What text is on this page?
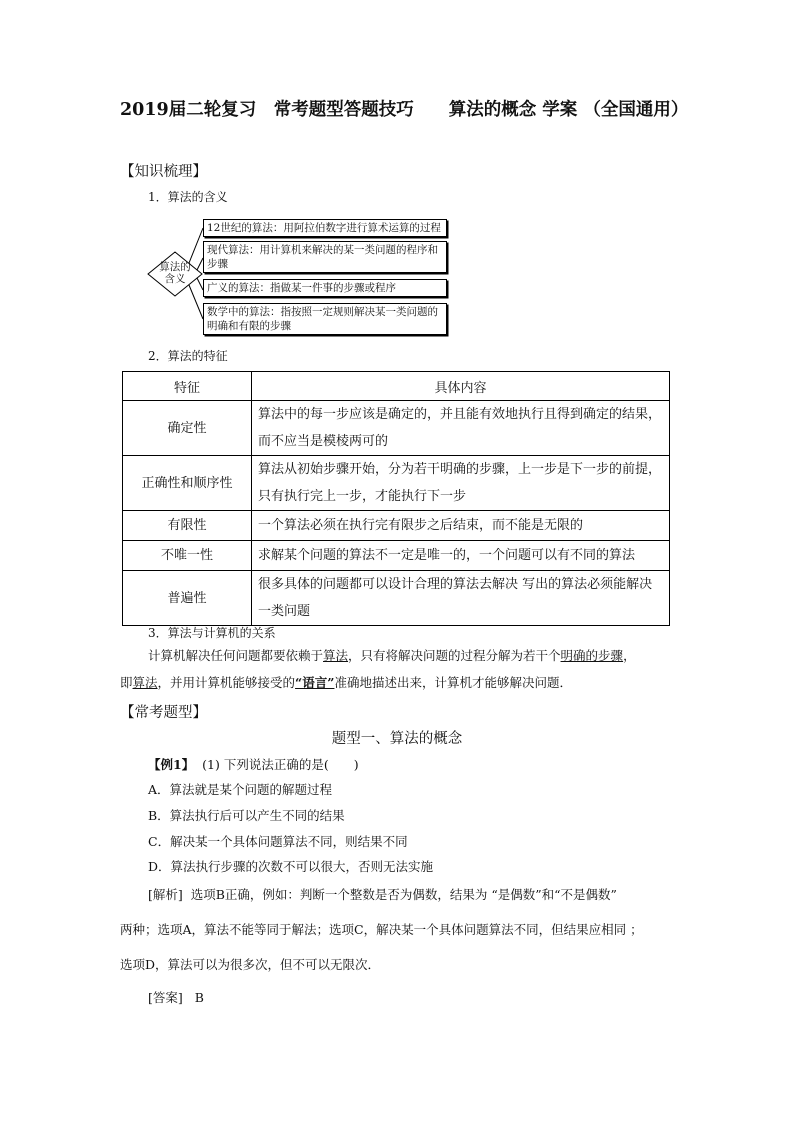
2019届二轮复习　常考题型答题技巧　　算法的概念 学案 （全国通用）
【知识梳理】
1．算法的含义
算法的含义
12世纪的算法：用阿拉伯数字进行算术运算的过程
现代算法：用计算机来解决的某一类问题的程序和步骤
广义的算法：指做某一件事的步骤或程序
数学中的算法：指按照一定规则解决某一类问题的明确和有限的步骤
2．算法的特征
特征	具体内容
确定性	算法中的每一步应该是确定的，并且能有效地执行且得到确定的结果，而不应当是模棱两可的
正确性和顺序性	算法从初始步骤开始，分为若干明确的步骤，上一步是下一步的前提，只有执行完上一步，才能执行下一步
有限性	一个算法必须在执行完有限步之后结束，而不能是无限的
不唯一性	求解某个问题的算法不一定是唯一的，一个问题可以有不同的算法
普遍性	很多具体的问题都可以设计合理的算法去解决 写出的算法必须能解决一类问题
3．算法与计算机的关系
计算机解决任何问题都要依赖于算法，只有将解决问题的过程分解为若干个明确的步骤，
即算法，并用计算机能够接受的“语言”准确地描述出来，计算机才能够解决问题．
【常考题型】
题型一、算法的概念
【例1】 (1) 下列说法正确的是(　　)
A．算法就是某个问题的解题过程
B．算法执行后可以产生不同的结果
C．解决某一个具体问题算法不同，则结果不同
D．算法执行步骤的次数不可以很大，否则无法实施
[解析] 选项B正确，例如：判断一个整数是否为偶数，结果为 “是偶数”和“不是偶数”
两种；选项A，算法不能等同于解法；选项C，解决某一个具体问题算法不同，但结果应相同 ；
选项D，算法可以为很多次，但不可以无限次．
[答案] B
